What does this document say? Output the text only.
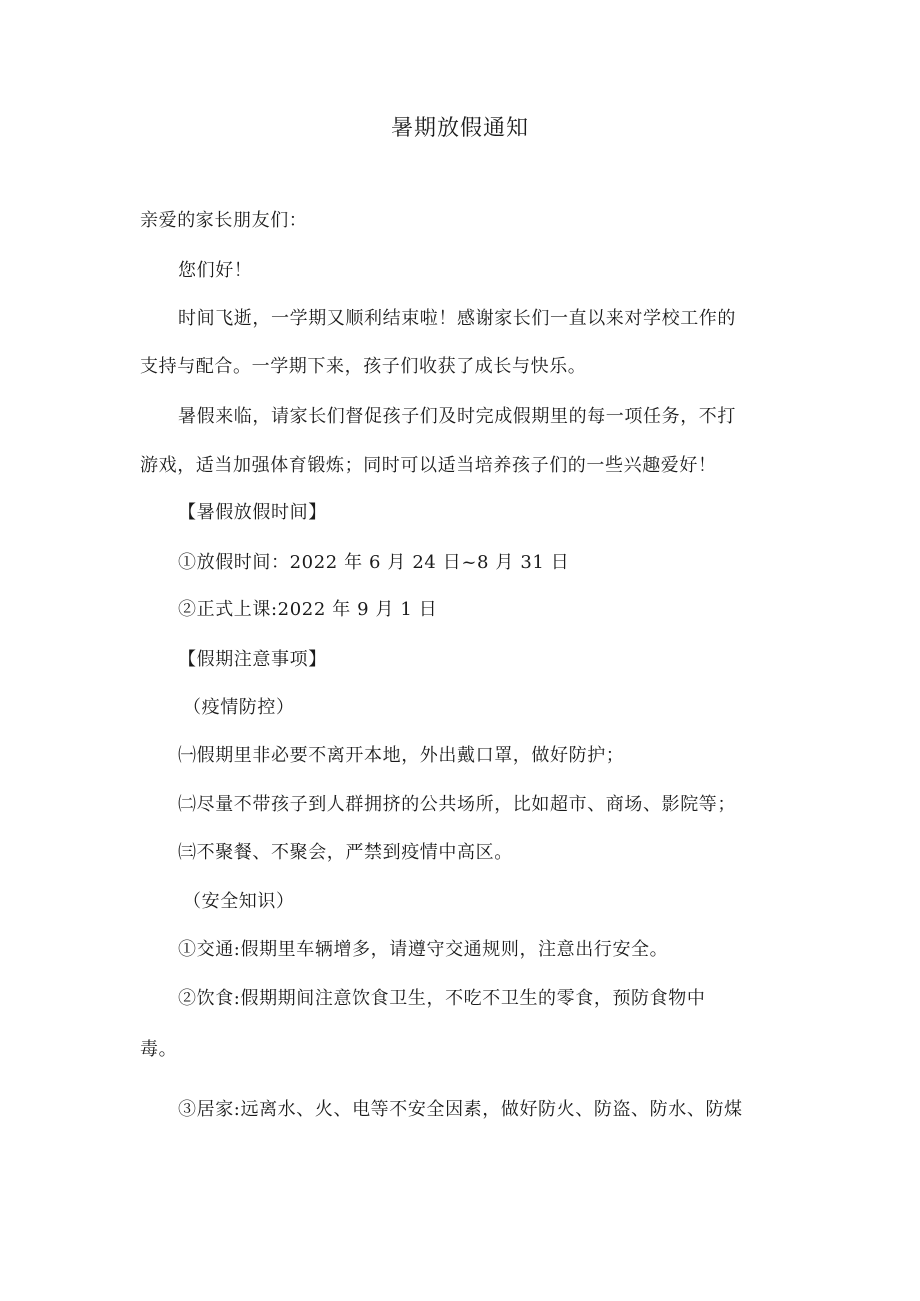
暑期放假通知
亲爱的家长朋友们：
您们好！
时间飞逝，一学期又顺利结束啦！感谢家长们一直以来对学校工作的
支持与配合。一学期下来，孩子们收获了成长与快乐。
暑假来临，请家长们督促孩子们及时完成假期里的每一项任务，不打
游戏，适当加强体育锻炼；同时可以适当培养孩子们的一些兴趣爱好！
【暑假放假时间】
①放假时间：2022 年 6 月 24 日~8 月 31 日
②正式上课:2022 年 9 月 1 日
【假期注意事项】
（疫情防控）
㈠假期里非必要不离开本地，外出戴口罩，做好防护；
㈡尽量不带孩子到人群拥挤的公共场所，比如超市、商场、影院等；
㈢不聚餐、不聚会，严禁到疫情中高区。
（安全知识）
①交通:假期里车辆增多，请遵守交通规则，注意出行安全。
②饮食:假期期间注意饮食卫生，不吃不卫生的零食，预防食物中
毒。
③居家:远离水、火、电等不安全因素，做好防火、防盗、防水、防煤
